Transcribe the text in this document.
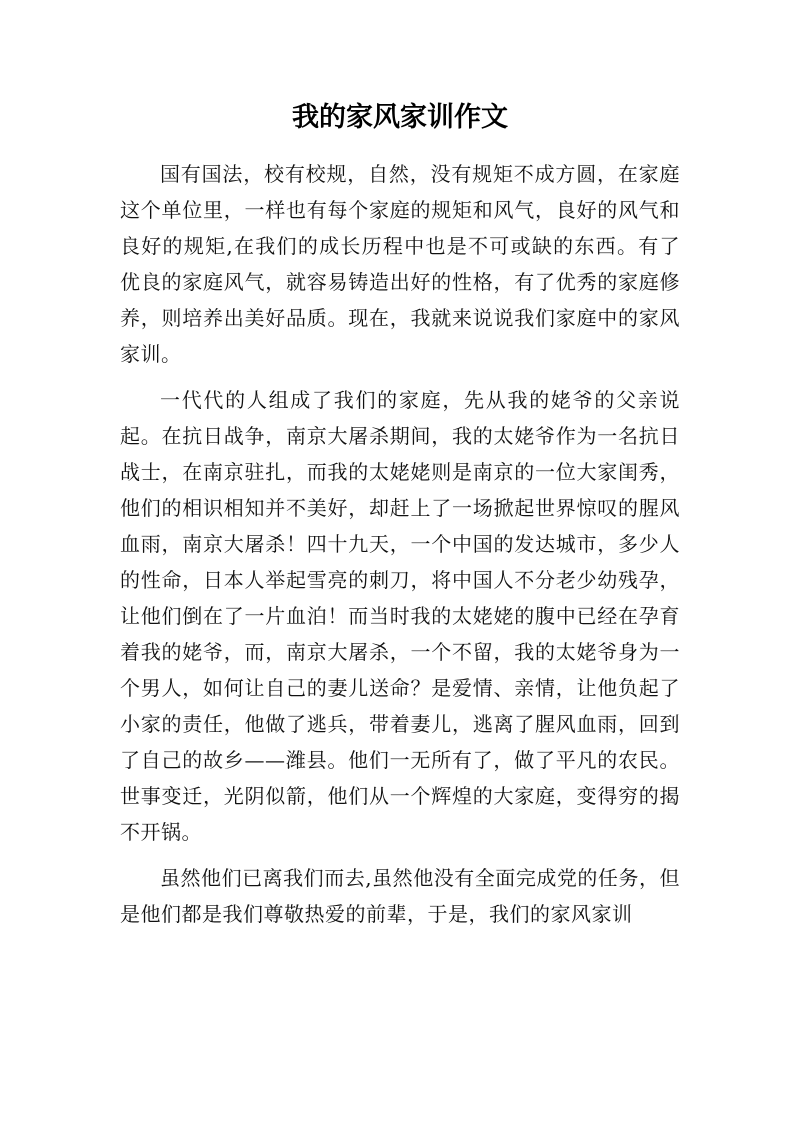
我的家风家训作文

国有国法，校有校规，自然，没有规矩不成方圆，在家庭这个单位里，一样也有每个家庭的规矩和风气，良好的风气和良好的规矩,在我们的成长历程中也是不可或缺的东西。有了优良的家庭风气，就容易铸造出好的性格，有了优秀的家庭修养，则培养出美好品质。现在，我就来说说我们家庭中的家风家训。

一代代的人组成了我们的家庭，先从我的姥爷的父亲说起。在抗日战争，南京大屠杀期间，我的太姥爷作为一名抗日战士，在南京驻扎，而我的太姥姥则是南京的一位大家闺秀，他们的相识相知并不美好，却赶上了一场掀起世界惊叹的腥风血雨，南京大屠杀！四十九天，一个中国的发达城市，多少人的性命，日本人举起雪亮的刺刀，将中国人不分老少幼残孕，让他们倒在了一片血泊！而当时我的太姥姥的腹中已经在孕育着我的姥爷，而，南京大屠杀，一个不留，我的太姥爷身为一个男人，如何让自己的妻儿送命？是爱情、亲情，让他负起了小家的责任，他做了逃兵，带着妻儿，逃离了腥风血雨，回到了自己的故乡——潍县。他们一无所有了，做了平凡的农民。世事变迁，光阴似箭，他们从一个辉煌的大家庭，变得穷的揭不开锅。

虽然他们已离我们而去,虽然他没有全面完成党的任务，但是他们都是我们尊敬热爱的前辈，于是，我们的家风家训
